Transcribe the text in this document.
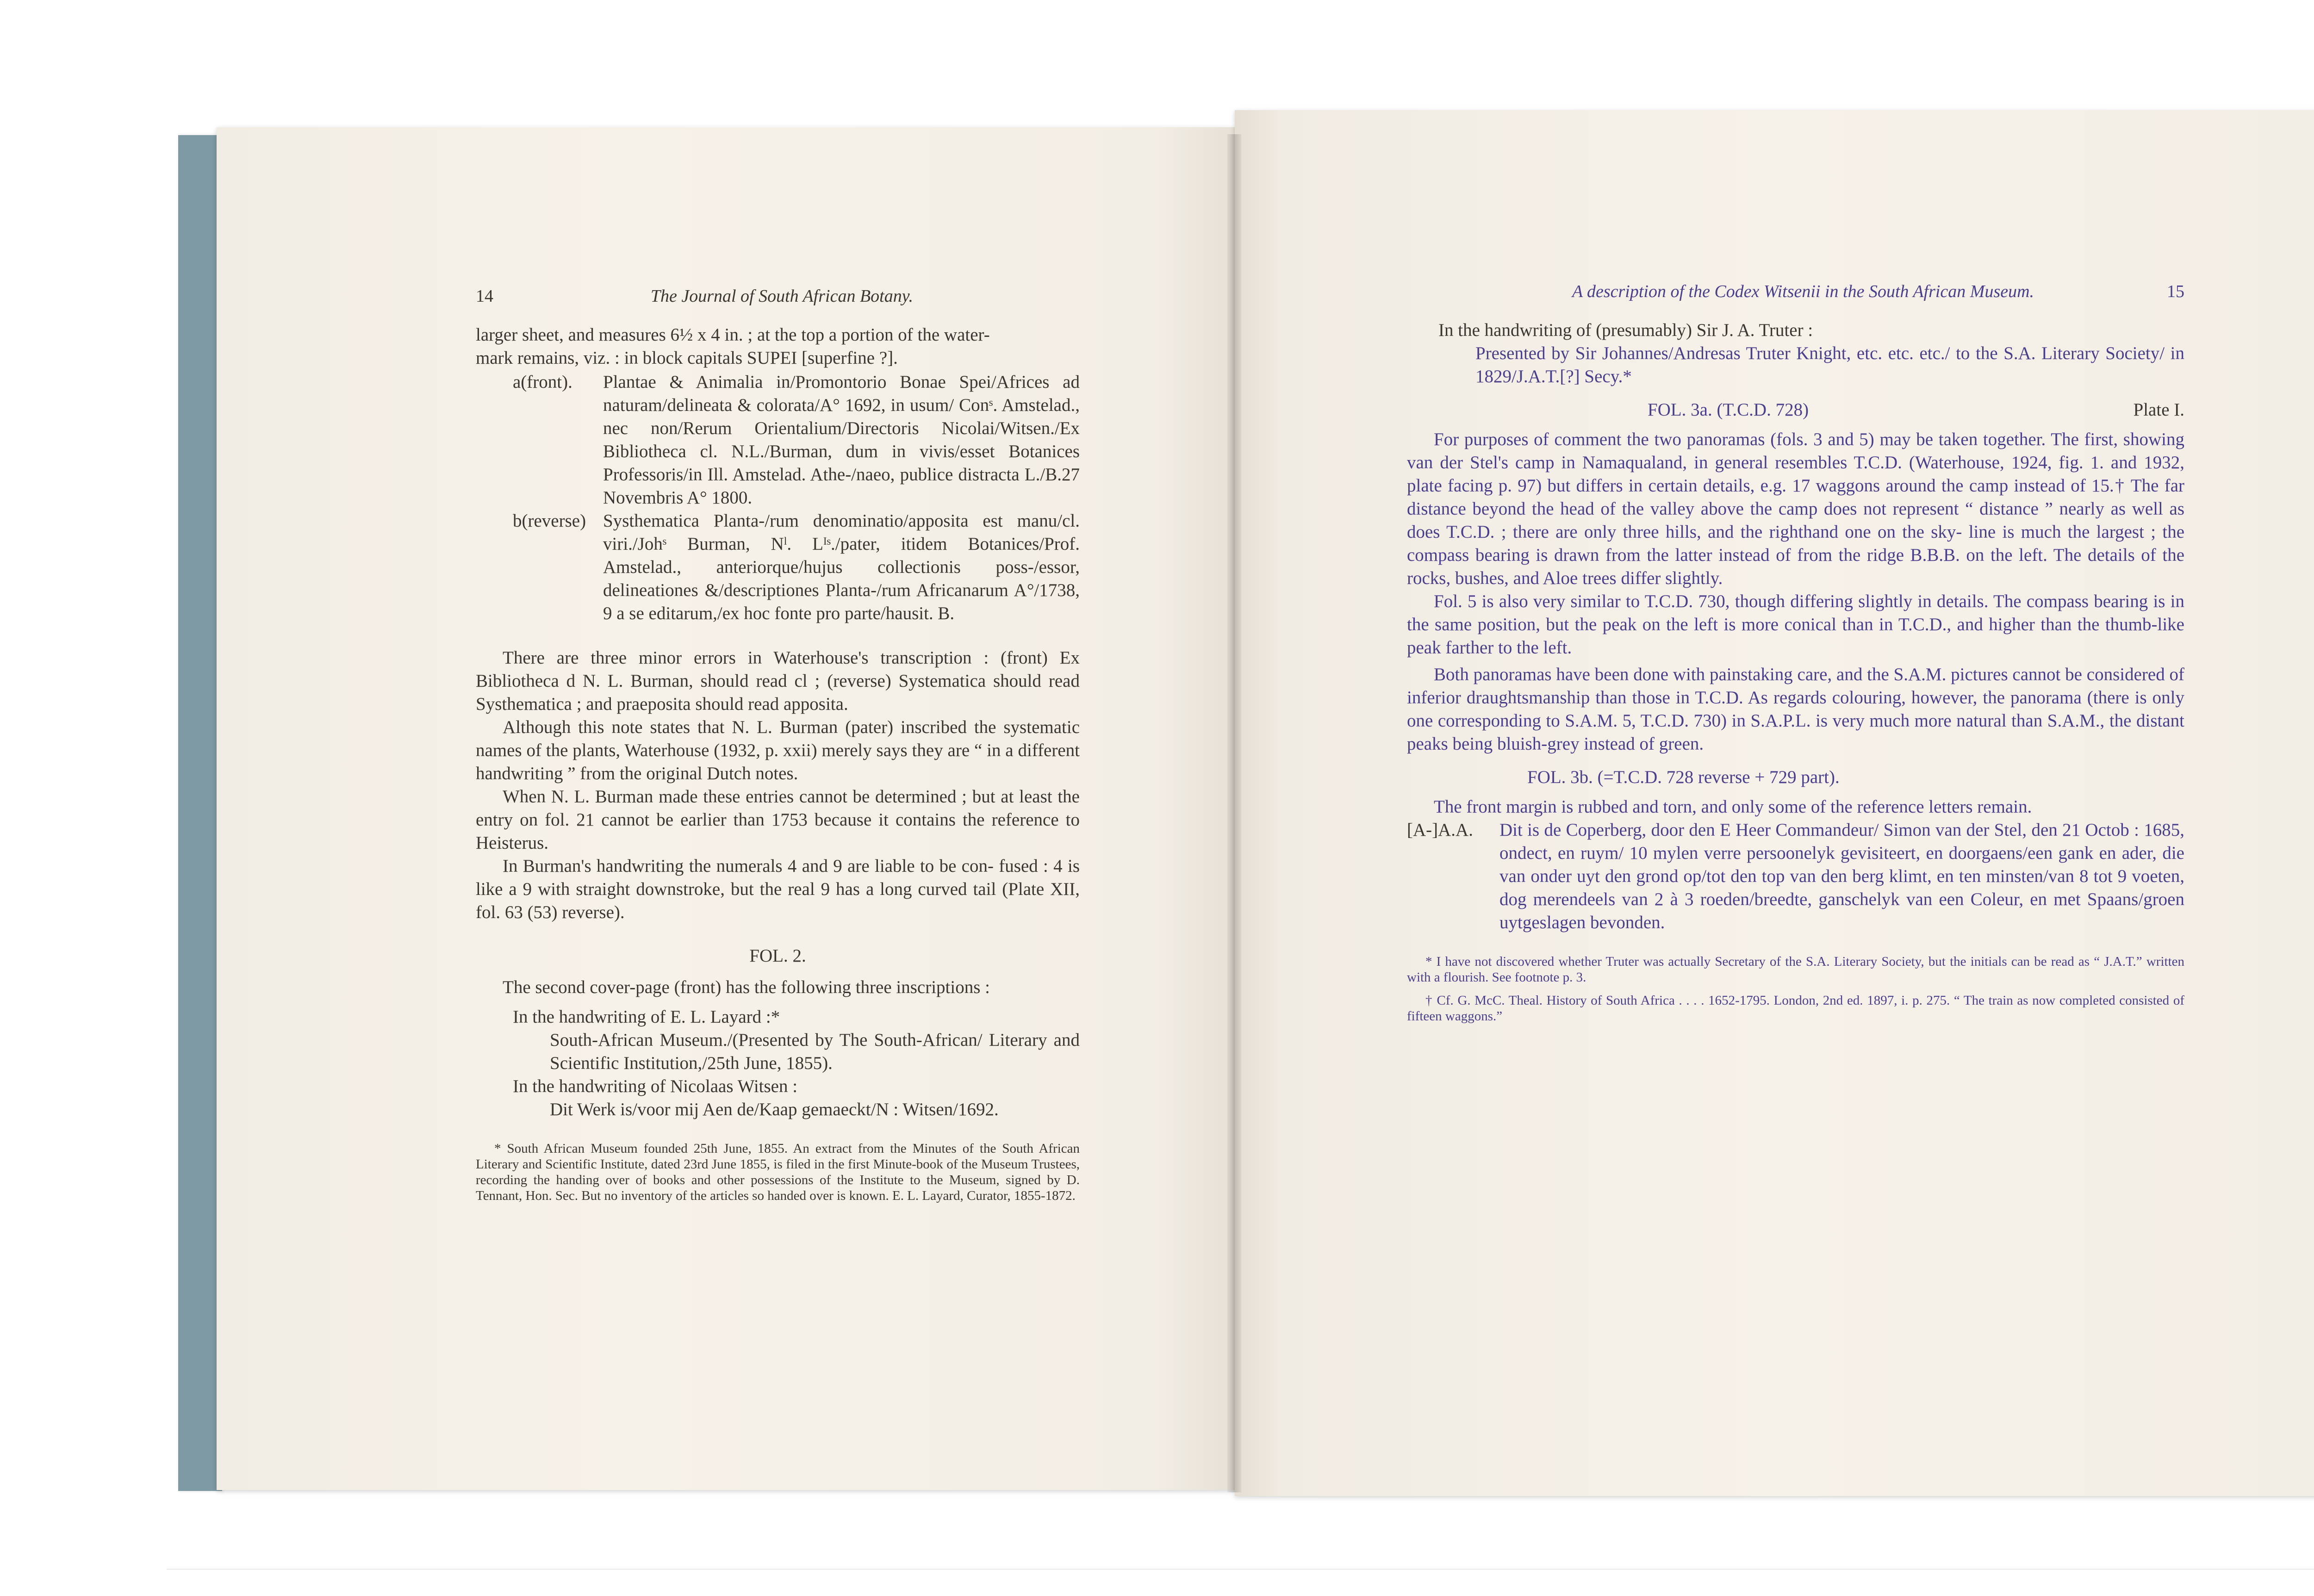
14	The Journal of South African Botany.

larger sheet, and measures 6½ x 4 in. ; at the top a portion of the water-

mark remains, viz. : in block capitals SUPEI [superfine ?].

a(front).	Plantae & Animalia in/Promontorio Bonae Spei/Africes ad naturam/delineata & colorata/A° 1692, in usum/ Conˢ. Amstelad., nec non/Rerum Orientalium/Directoris Nicolai/Witsen./Ex Bibliotheca cl. N.L./Burman, dum in vivis/esset Botanices Professoris/in Ill. Amstelad. Athe-/naeo, publice distracta L./B.27 Novembris A° 1800.
b(reverse) Systhematica Planta-/rum denominatio/apposita est manu/cl. viri./Johˢ Burman, Nˡ. Lᴵˢ./pater, itidem Botanices/Prof. Amstelad., anteriorque/hujus collectionis poss-/essor, delineationes &/descriptiones Planta-/rum Africanarum A°/1738, 9 a se editarum,/ex hoc fonte pro parte/hausit. B.

There are three minor errors in Waterhouse's transcription : (front) Ex Bibliotheca d N. L. Burman, should read cl ; (reverse) Systematica should read Systhematica ; and praeposita should read apposita.

Although this note states that N. L. Burman (pater) inscribed the systematic names of the plants, Waterhouse (1932, p. xxii) merely says they are “ in a different handwriting ” from the original Dutch notes.

When N. L. Burman made these entries cannot be determined ; but at least the entry on fol. 21 cannot be earlier than 1753 because it contains the reference to Heisterus.

In Burman's handwriting the numerals 4 and 9 are liable to be con- fused : 4 is like a 9 with straight downstroke, but the real 9 has a long curved tail (Plate XII, fol. 63 (53) reverse).

FOL. 2.

The second cover-page (front) has the following three inscriptions :

In the handwriting of E. L. Layard :*

South-African Museum./(Presented by The South-African/ Literary and Scientific Institution,/25th June, 1855).

In the handwriting of Nicolaas Witsen :

Dit Werk is/voor mij Aen de/Kaap gemaeckt/N : Witsen/1692.

* South African Museum founded 25th June, 1855. An extract from the Minutes of the South African Literary and Scientific Institute, dated 23rd June 1855, is filed in the first Minute-book of the Museum Trustees, recording the handing over of books and other possessions of the Institute to the Museum, signed by D. Tennant, Hon. Sec. But no inventory of the articles so handed over is known. E. L. Layard, Curator, 1855-1872.

A description of the Codex Witsenii in the South African Museum.	15

In the handwriting of (presumably) Sir J. A. Truter :

Presented by Sir Johannes/Andresas Truter Knight, etc. etc. etc./ to the S.A. Literary Society/ in 1829/J.A.T.[?] Secy.*

FOL. 3a. (T.C.D. 728)	Plate I.

For purposes of comment the two panoramas (fols. 3 and 5) may be taken together. The first, showing van der Stel's camp in Namaqualand, in general resembles T.C.D. (Waterhouse, 1924, fig. 1. and 1932, plate facing p. 97) but differs in certain details, e.g. 17 waggons around the camp instead of 15.† The far distance beyond the head of the valley above the camp does not represent “ distance ” nearly as well as does T.C.D. ; there are only three hills, and the righthand one on the sky- line is much the largest ; the compass bearing is drawn from the latter instead of from the ridge B.B.B. on the left. The details of the rocks, bushes, and Aloe trees differ slightly.

Fol. 5 is also very similar to T.C.D. 730, though differing slightly in details. The compass bearing is in the same position, but the peak on the left is more conical than in T.C.D., and higher than the thumb-like peak farther to the left.

Both panoramas have been done with painstaking care, and the S.A.M. pictures cannot be considered of inferior draughtsmanship than those in T.C.D. As regards colouring, however, the panorama (there is only one corresponding to S.A.M. 5, T.C.D. 730) in S.A.P.L. is very much more natural than S.A.M., the distant peaks being bluish-grey instead of green.

FOL. 3b. (=T.C.D. 728 reverse + 729 part).

The front margin is rubbed and torn, and only some of the reference letters remain.

[A-]A.A.	Dit is de Coperberg, door den E Heer Commandeur/ Simon van der Stel, den 21 Octob : 1685, ondect, en ruym/ 10 mylen verre persoonelyk gevisiteert, en doorgaens/een gank en ader, die van onder uyt den grond op/tot den top van den berg klimt, en ten minsten/van 8 tot 9 voeten, dog merendeels van 2 à 3 roeden/breedte, ganschelyk van een Coleur, en met Spaans/groen uytgeslagen bevonden.

* I have not discovered whether Truter was actually Secretary of the S.A. Literary Society, but the initials can be read as “ J.A.T.” written with a flourish. See footnote p. 3.

† Cf. G. McC. Theal. History of South Africa . . . . 1652-1795. London, 2nd ed. 1897, i. p. 275. “ The train as now completed consisted of fifteen waggons.”
